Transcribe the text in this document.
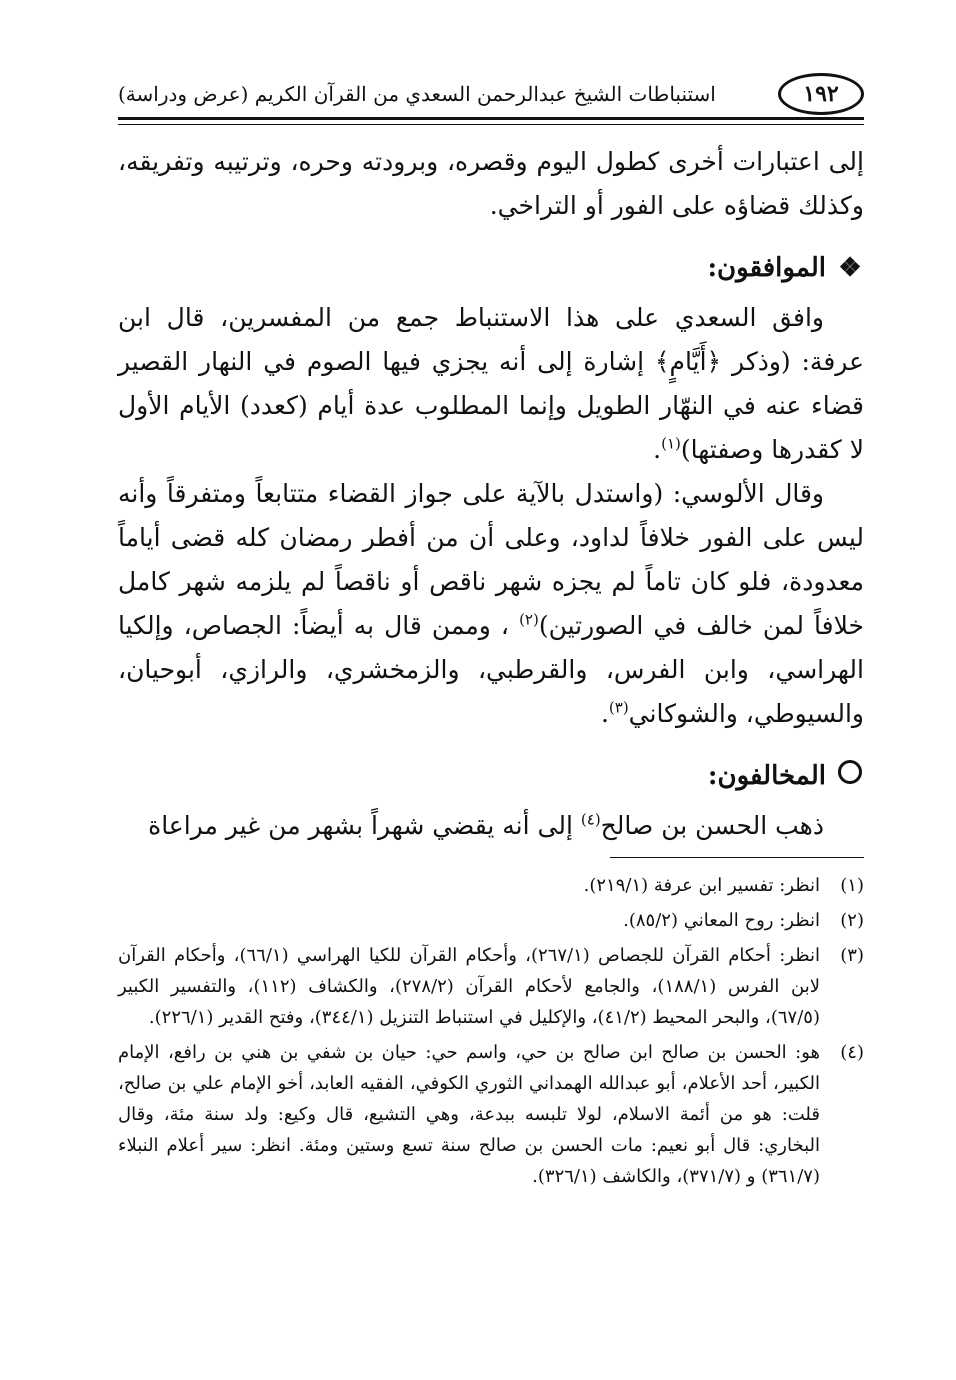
١٩٢
استنباطات الشيخ عبدالرحمن السعدي من القرآن الكريم (عرض ودراسة)

إلى اعتبارات أخرى كطول اليوم وقصره، وبرودته وحره، وترتيبه وتفريقه، وكذلك قضاؤه على الفور أو التراخي.

❖
الموافقون:

وافق السعدي على هذا الاستنباط جمع من المفسرين، قال ابن عرفة: (وذكر ﴿أَيَّامٍ﴾ إشارة إلى أنه يجزي فيها الصوم في النهار القصير قضاء عنه في النهّار الطويل وإنما المطلوب عدة أيام (كعدد) الأيام الأول لا كقدرها وصفتها)$^{(١)}$.

وقال الألوسي: (واستدل بالآية على جواز القضاء متتابعاً ومتفرقاً وأنه ليس على الفور خلافاً لداود، وعلى أن من أفطر رمضان كله قضى أياماً معدودة، فلو كان تاماً لم يجزه شهر ناقص أو ناقصاً لم يلزمه شهر كامل خلافاً لمن خالف في الصورتين)$^{(٢)}$ ، وممن قال به أيضاً: الجصاص، وإلكيا الهراسي، وابن الفرس، والقرطبي، والزمخشري، والرازي، أبوحيان، والسيوطي، والشوكاني$^{(٣)}$.

المخالفون:

ذهب الحسن بن صالح$^{(٤)}$ إلى أنه يقضي شهراً بشهر من غير مراعاة

(١)
انظر: تفسير ابن عرفة (٢١٩/١).
(٢)
انظر: روح المعاني (٨٥/٢).
(٣)
انظر: أحكام القرآن للجصاص (٢٦٧/١)، وأحكام القرآن للكيا الهراسي (٦٦/١)، وأحكام القرآن لابن الفرس (١٨٨/١)، والجامع لأحكام القرآن (٢٧٨/٢)، والكشاف (١١٢)، والتفسير الكبير (٦٧/٥)، والبحر المحيط (٤١/٢)، والإكليل في استنباط التنزيل (٣٤٤/١)، وفتح القدير (٢٢٦/١).
(٤)
هو: الحسن بن صالح ابن صالح بن حي، واسم حي: حيان بن شفي بن هني بن رافع، الإمام الكبير، أحد الأعلام، أبو عبدالله الهمداني الثوري الكوفي، الفقيه العابد، أخو الإمام علي بن صالح، قلت: هو من أئمة الاسلام، لولا تلبسه ببدعة، وهي التشيع، قال وكيع: ولد سنة مئة، وقال البخاري: قال أبو نعيم: مات الحسن بن صالح سنة تسع وستين ومئة. انظر: سير أعلام النبلاء (٣٦١/٧) و (٣٧١/٧)، والكاشف (٣٢٦/١).
